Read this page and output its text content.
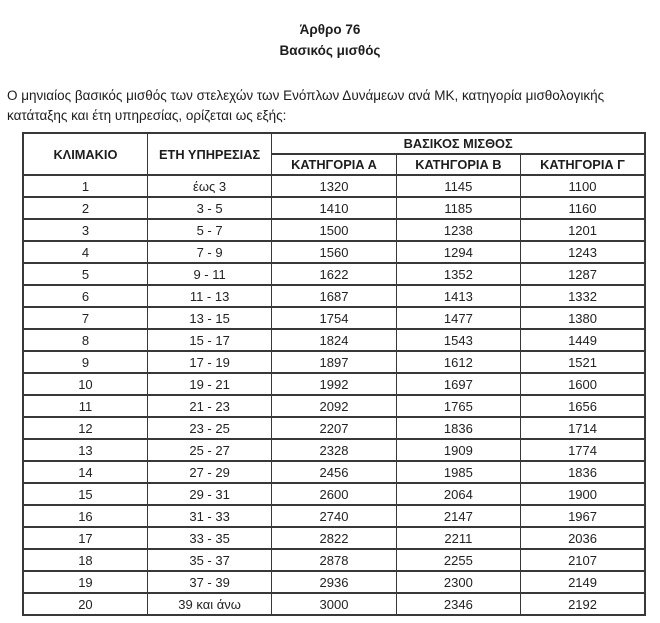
Άρθρο 76
Βασικός μισθός

Ο μηνιαίος βασικός μισθός των στελεχών των Ενόπλων Δυνάμεων ανά ΜΚ, κατηγορία μισθολογικής
κατάταξης και έτη υπηρεσίας, ορίζεται ως εξής:

ΚΛΙΜΑΚΙΟ	ΕΤΗ ΥΠΗΡΕΣΙΑΣ	ΒΑΣΙΚΟΣ ΜΙΣΘΟΣ		
		ΚΑΤΗΓΟΡΙΑ Α	ΚΑΤΗΓΟΡΙΑ Β	ΚΑΤΗΓΟΡΙΑ Γ
1	έως 3	1320	1145	1100
2	3 - 5	1410	1185	1160
3	5 - 7	1500	1238	1201
4	7 - 9	1560	1294	1243
5	9 - 11	1622	1352	1287
6	11 - 13	1687	1413	1332
7	13 - 15	1754	1477	1380
8	15 - 17	1824	1543	1449
9	17 - 19	1897	1612	1521
10	19 - 21	1992	1697	1600
11	21 - 23	2092	1765	1656
12	23 - 25	2207	1836	1714
13	25 - 27	2328	1909	1774
14	27 - 29	2456	1985	1836
15	29 - 31	2600	2064	1900
16	31 - 33	2740	2147	1967
17	33 - 35	2822	2211	2036
18	35 - 37	2878	2255	2107
19	37 - 39	2936	2300	2149
20	39 και άνω	3000	2346	2192
